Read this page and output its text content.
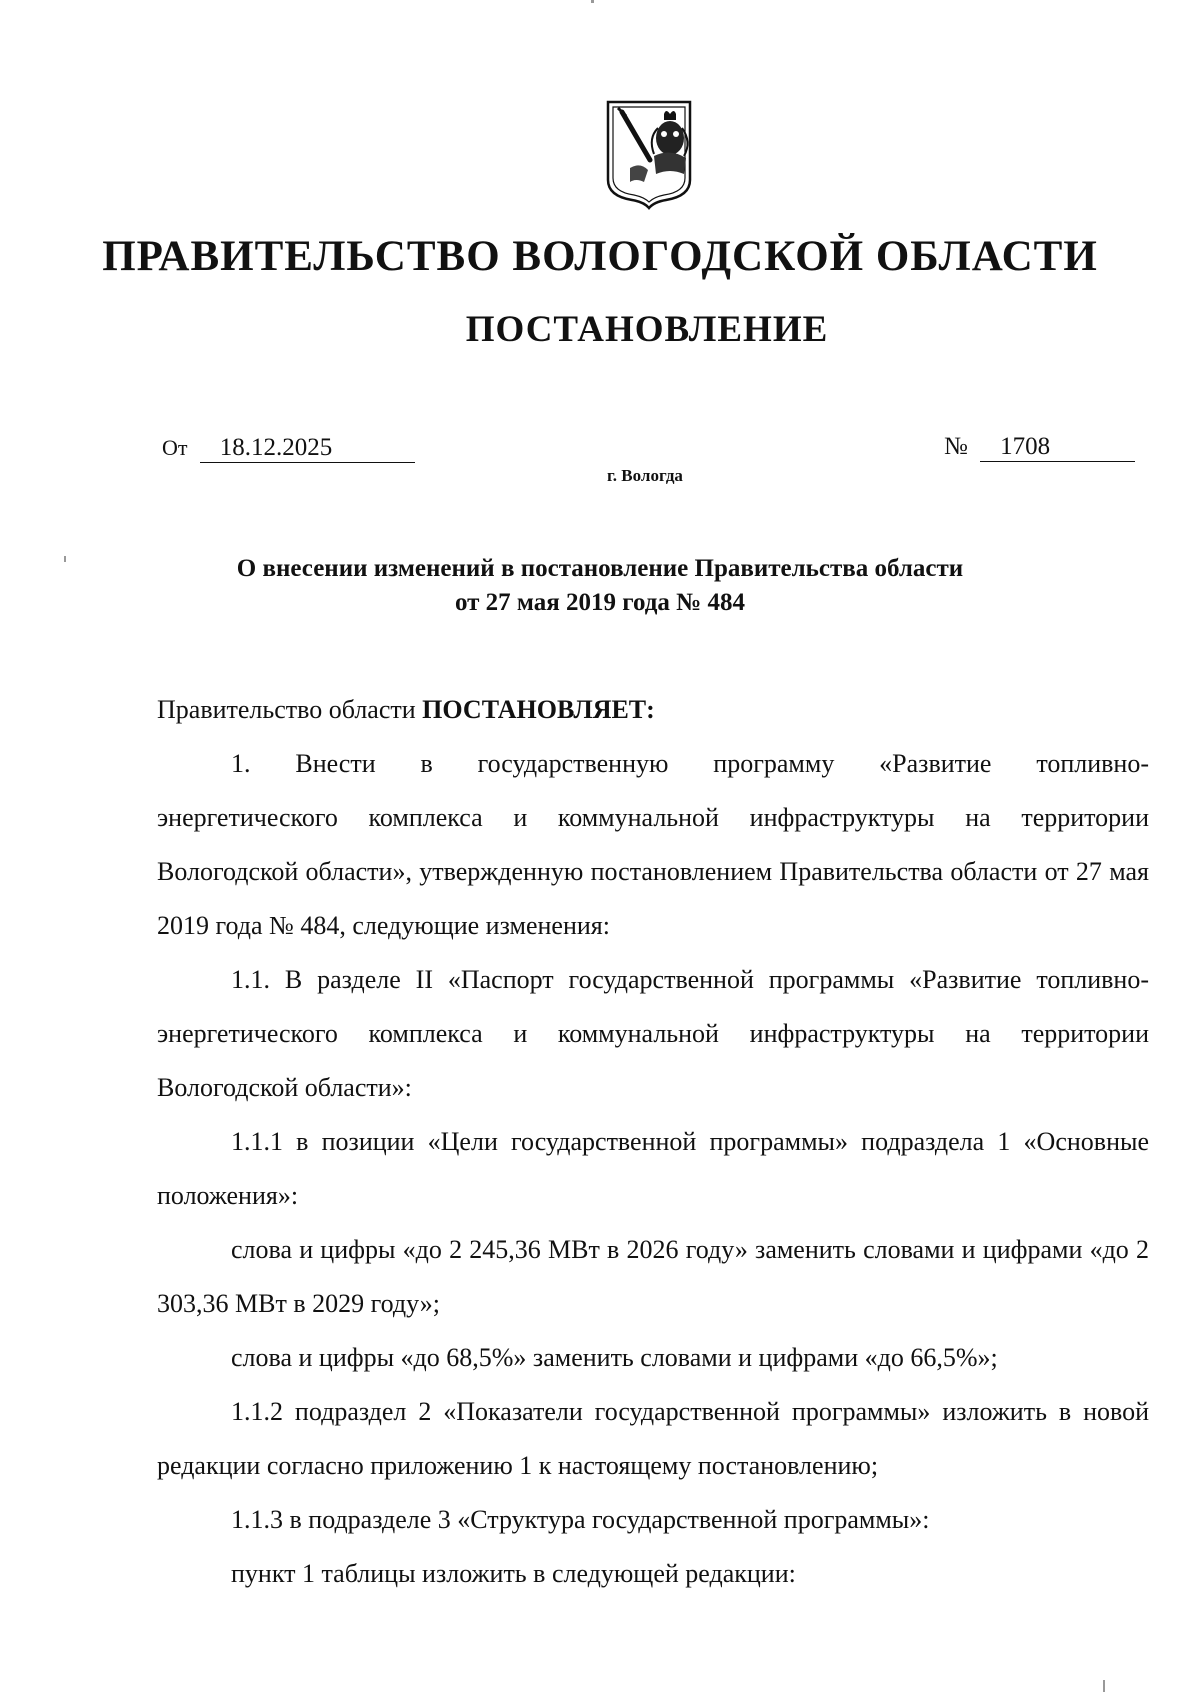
ПРАВИТЕЛЬСТВО ВОЛОГОДСКОЙ ОБЛАСТИ
ПОСТАНОВЛЕНИЕ
От 18.12.2025	№ 1708
г. Вологда
О внесении изменений в постановление Правительства области
от 27 мая 2019 года № 484

Правительство области ПОСТАНОВЛЯЕТ:

1. Внести в государственную программу «Развитие топливно-

энергетического комплекса и коммунальной инфраструктуры на территории Вологодской области», утвержденную постановлением Правительства области от 27 мая 2019 года № 484, следующие изменения:

1.1. В разделе II «Паспорт государственной программы «Развитие топливно-энергетического комплекса и коммунальной инфраструктуры на территории Вологодской области»:

1.1.1 в позиции «Цели государственной программы» подраздела 1 «Основные положения»:

слова и цифры «до 2 245,36 МВт в 2026 году» заменить словами и цифрами «до 2 303,36 МВт в 2029 году»;

слова и цифры «до 68,5%» заменить словами и цифрами «до 66,5%»;

1.1.2 подраздел 2 «Показатели государственной программы» изложить в новой редакции согласно приложению 1 к настоящему постановлению;

1.1.3 в подразделе 3 «Структура государственной программы»:

пункт 1 таблицы изложить в следующей редакции:
